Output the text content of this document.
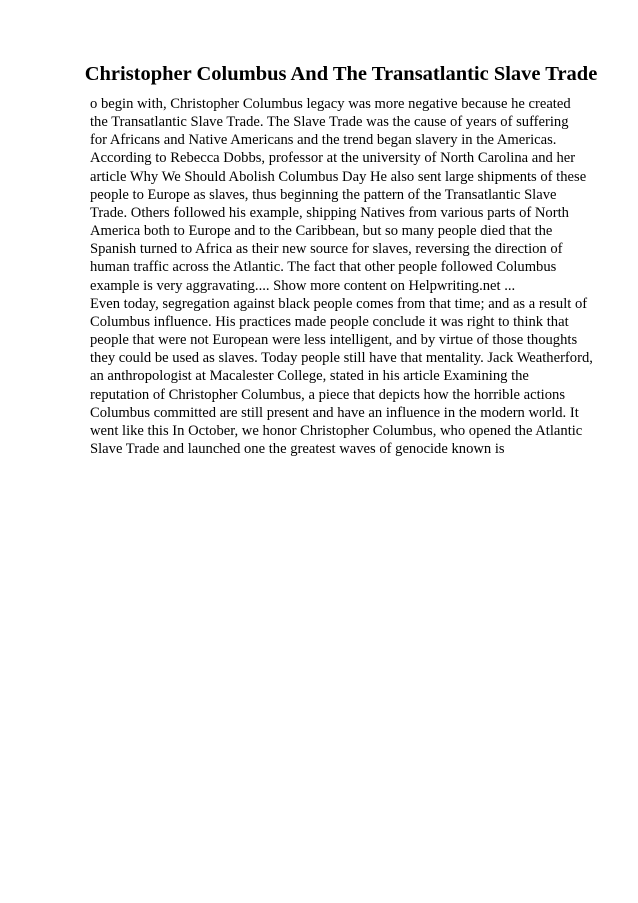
Christopher Columbus And The Transatlantic Slave Trade
o begin with, Christopher Columbus legacy was more negative because he created
the Transatlantic Slave Trade. The Slave Trade was the cause of years of suffering
for Africans and Native Americans and the trend began slavery in the Americas.
According to Rebecca Dobbs, professor at the university of North Carolina and her
article Why We Should Abolish Columbus Day He also sent large shipments of these
people to Europe as slaves, thus beginning the pattern of the Transatlantic Slave
Trade. Others followed his example, shipping Natives from various parts of North
America both to Europe and to the Caribbean, but so many people died that the
Spanish turned to Africa as their new source for slaves, reversing the direction of
human traffic across the Atlantic. The fact that other people followed Columbus
example is very aggravating.... Show more content on Helpwriting.net ...
Even today, segregation against black people comes from that time; and as a result of
Columbus influence. His practices made people conclude it was right to think that
people that were not European were less intelligent, and by virtue of those thoughts
they could be used as slaves. Today people still have that mentality. Jack Weatherford,
an anthropologist at Macalester College, stated in his article Examining the
reputation of Christopher Columbus, a piece that depicts how the horrible actions
Columbus committed are still present and have an influence in the modern world. It
went like this In October, we honor Christopher Columbus, who opened the Atlantic
Slave Trade and launched one the greatest waves of genocide known is
